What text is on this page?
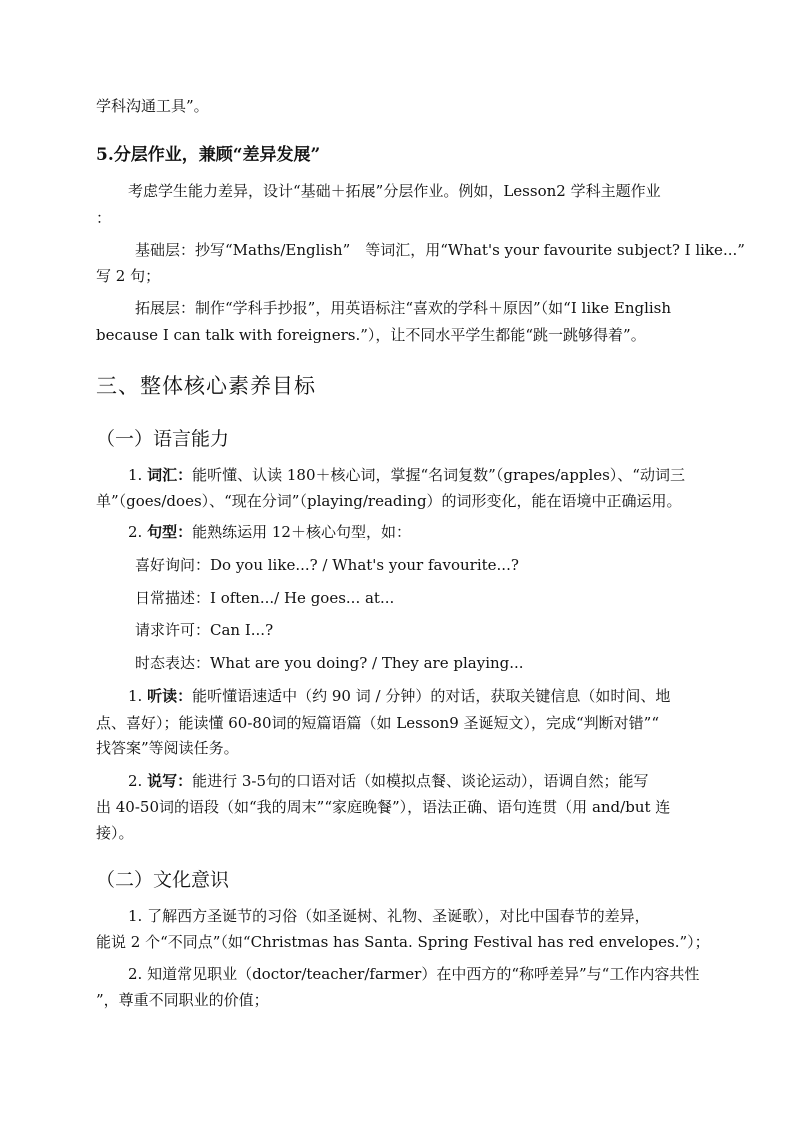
学科沟通工具”。
5.分层作业，兼顾“差异发展”
考虑学生能力差异，设计“基础＋拓展”分层作业。例如，Lesson2 学科主题作业
：
基础层：抄写“Maths/English”　等词汇，用“What's your favourite subject? I like...”
写 2 句；
拓展层：制作“学科手抄报”，用英语标注“喜欢的学科＋原因”（如“I like English
because I can talk with foreigners.”），让不同水平学生都能“跳一跳够得着”。
三、整体核心素养目标
（一）语言能力
1. 词汇：能听懂、认读 180＋核心词，掌握“名词复数”（grapes/apples）、“动词三
单”（goes/does）、“现在分词”（playing/reading）的词形变化，能在语境中正确运用。
2. 句型：能熟练运用 12＋核心句型，如：
喜好询问：Do you like...? / What's your favourite...?
日常描述：I often.../ He goes... at...
请求许可：Can I...?
时态表达：What are you doing? / They are playing...
1. 听读：能听懂语速适中（约 90 词 / 分钟）的对话，获取关键信息（如时间、地
点、喜好）；能读懂 60-80词的短篇语篇（如 Lesson9 圣诞短文），完成“判断对错”“
找答案”等阅读任务。
2. 说写：能进行 3-5句的口语对话（如模拟点餐、谈论运动），语调自然；能写
出 40-50词的语段（如“我的周末”“家庭晚餐”），语法正确、语句连贯（用 and/but 连
接）。
（二）文化意识
1. 了解西方圣诞节的习俗（如圣诞树、礼物、圣诞歌），对比中国春节的差异，
能说 2 个“不同点”（如“Christmas has Santa. Spring Festival has red envelopes.”）；
2. 知道常见职业（doctor/teacher/farmer）在中西方的“称呼差异”与“工作内容共性
”，尊重不同职业的价值；
